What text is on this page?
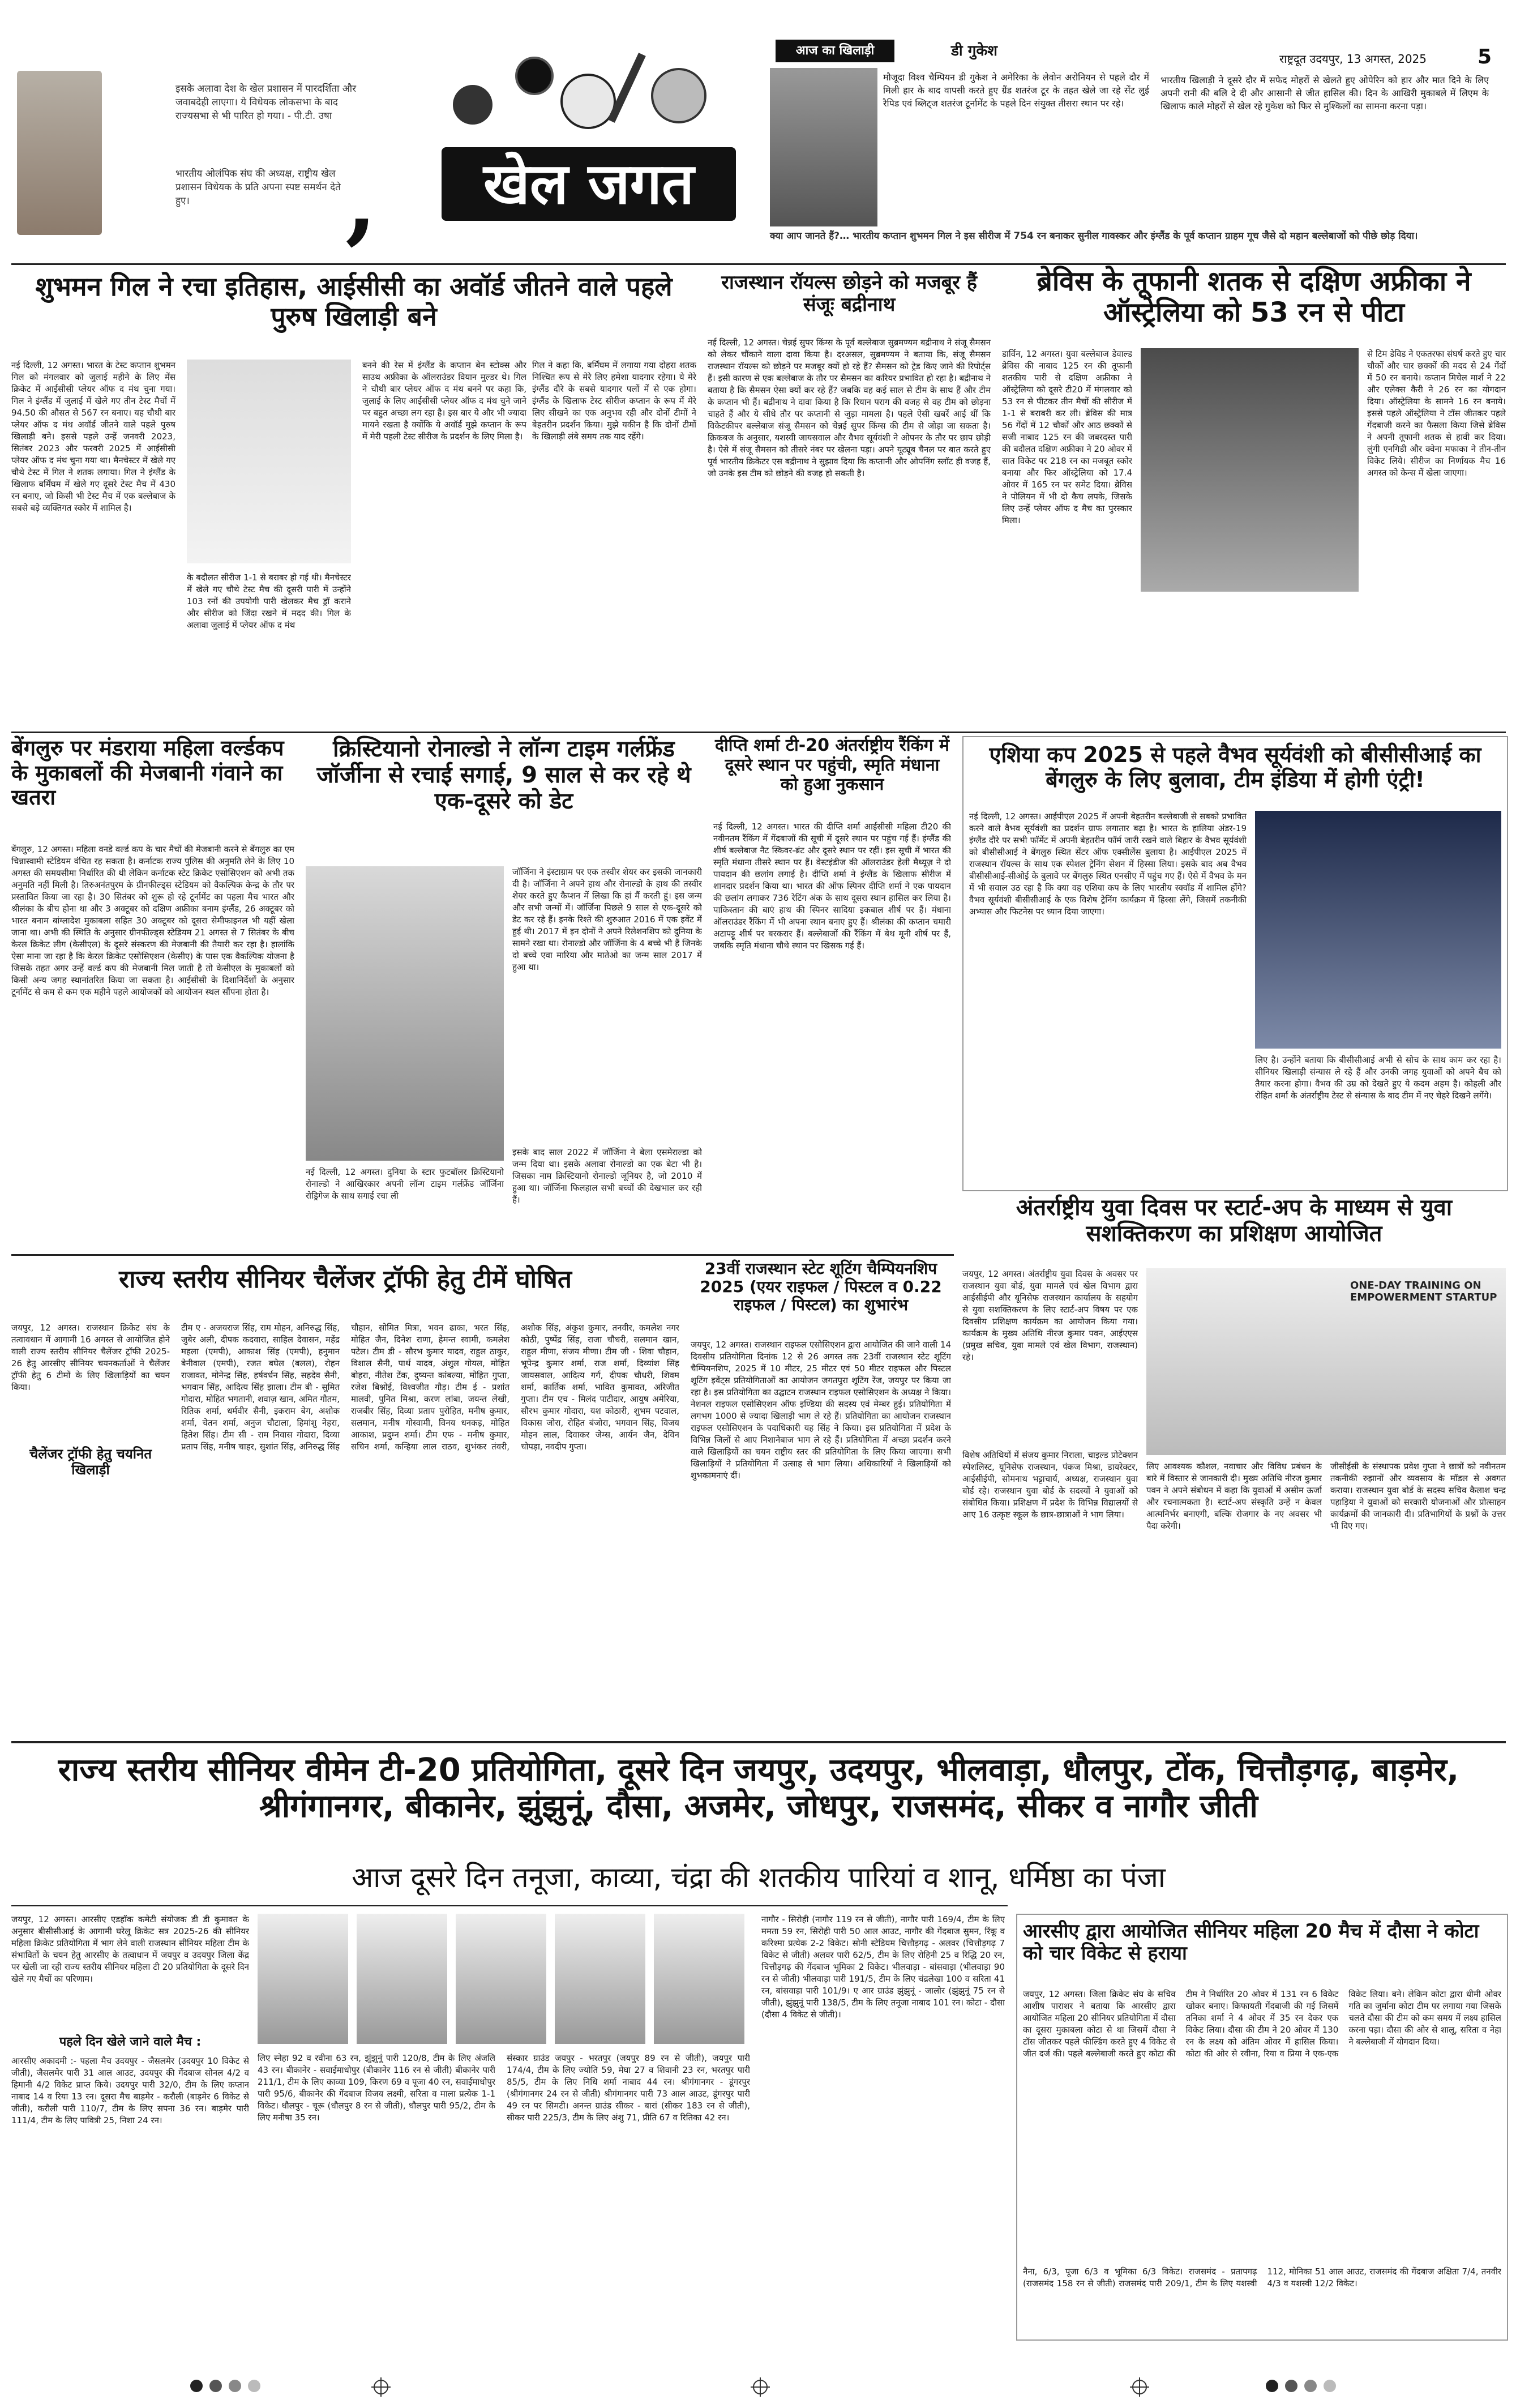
इसके अलावा देश के खेल प्रशासन में पारदर्शिता और जवाबदेही लाएगा। ये विधेयक लोकसभा के बाद राज्यसभा से भी पारित हो गया। - पी.टी. उषा
भारतीय ओलंपिक संघ की अध्यक्ष, राष्ट्रीय खेल प्रशासन विधेयक के प्रति अपना स्पष्ट समर्थन देते हुए।	,	खेल जगत
आज का खिलाड़ी	डी गुकेश
मौजूदा विश्व चैम्पियन डी गुकेश ने अमेरिका के लेवोन अरोनियन से पहले दौर में मिली हार के बाद वापसी करते हुए ग्रैंड शतरंज टूर के तहत खेले जा रहे सेंट लुई रैपिड एवं ब्लिट्ज शतरंज टूर्नामेंट के पहले दिन संयुक्त तीसरा स्थान पर रहे।
भारतीय खिलाड़ी ने दूसरे दौर में सफेद मोहरों से खेलते हुए ओपेरिन को हार और मात दिने के लिए अपनी रानी की बलि दे दी और आसानी से जीत हासिल की। दिन के आखिरी मुकाबले में लिएम के खिलाफ काले मोहरों से खेल रहे गुकेश को फिर से मुश्किलों का सामना करना पड़ा।
राष्ट्रदूत उदयपुर, 13 अगस्त, 2025	5
क्या आप जानते हैं?… भारतीय कप्तान शुभमन गिल ने इस सीरीज में 754 रन बनाकर सुनील गावस्कर और इंग्लैंड के पूर्व कप्तान ग्राहम गूच जैसे दो महान बल्लेबाजों को पीछे छोड़ दिया।
शुभमन गिल ने रचा इतिहास, आईसीसी का अवॉर्ड जीतने वाले पहले पुरुष खिलाड़ी बने
नई दिल्ली, 12 अगस्त। भारत के टेस्ट कप्तान शुभमन गिल को मंगलवार को जुलाई महीने के लिए मेंस क्रिकेट में आईसीसी प्लेयर ऑफ द मंथ चुना गया। गिल ने इंग्लैंड में जुलाई में खेले गए तीन टेस्ट मैचों में 94.50 की औसत से 567 रन बनाए। यह चौथी बार प्लेयर ऑफ द मंथ अवॉर्ड जीतने वाले पहले पुरुष खिलाड़ी बने। इससे पहले उन्हें जनवरी 2023, सितंबर 2023 और फरवरी 2025 में आईसीसी प्लेयर ऑफ द मंथ चुना गया था। मैनचेस्टर में खेले गए चौथे टेस्ट में गिल ने शतक लगाया। गिल ने इंग्लैंड के खिलाफ बर्मिंघम में खेले गए दूसरे टेस्ट मैच में 430 रन बनाए, जो किसी भी टेस्ट मैच में एक बल्लेबाज के सबसे बड़े व्यक्तिगत स्कोर में शामिल है।
के बदौलत सीरीज 1-1 से बराबर हो गई थी। मैनचेस्टर में खेले गए चौथे टेस्ट मैच की दूसरी पारी में उन्होंने 103 रनों की उपयोगी पारी खेलकर मैच ड्रॉ कराने और सीरीज को जिंदा रखने में मदद की। गिल के अलावा जुलाई में प्लेयर ऑफ द मंथ
बनने की रेस में इंग्लैंड के कप्तान बेन स्टोक्स और साउथ अफ्रीका के ऑलराउंडर वियान मुल्डर थे। गिल ने चौथी बार प्लेयर ऑफ द मंथ बनने पर कहा कि, जुलाई के लिए आईसीसी प्लेयर ऑफ द मंथ चुने जाने पर बहुत अच्छा लग रहा है। इस बार ये और भी ज्यादा मायने रखता है क्योंकि ये अवॉर्ड मुझे कप्तान के रूप में मेरी पहली टेस्ट सीरीज के प्रदर्शन के लिए मिला है।
गिल ने कहा कि, बर्मिंघम में लगाया गया दोहरा शतक निश्चित रूप से मेरे लिए हमेशा यादगार रहेगा। ये मेरे इंग्लैंड दौरे के सबसे यादगार पलों में से एक होगा। इंग्लैंड के खिलाफ टेस्ट सीरीज कप्तान के रूप में मेरे लिए सीखने का एक अनुभव रही और दोनों टीमों ने बेहतरीन प्रदर्शन किया। मुझे यकीन है कि दोनों टीमों के खिलाड़ी लंबे समय तक याद रहेंगे।
राजस्थान रॉयल्स छोड़ने को मजबूर हैं संजूः बद्रीनाथ
नई दिल्ली, 12 अगस्त। चेन्नई सुपर किंग्स के पूर्व बल्लेबाज सुब्रमण्यम बद्रीनाथ ने संजू सैमसन को लेकर चौंकाने वाला दावा किया है। दरअसल, सुब्रमण्यम ने बताया कि, संजू सैमसन राजस्थान रॉयल्स को छोड़ने पर मजबूर क्यों हो रहे हैं? सैमसन को ट्रेड किए जाने की रिपोर्ट्स हैं। इसी कारण से एक बल्लेबाज के तौर पर सैमसन का करियर प्रभावित हो रहा है। बद्रीनाथ ने बताया है कि सैमसन ऐसा क्यों कर रहे हैं? जबकि वह कई साल से टीम के साथ हैं और टीम के कप्तान भी हैं। बद्रीनाथ ने दावा किया है कि रियान पराग की वजह से वह टीम को छोड़ना चाहते हैं और ये सीधे तौर पर कप्तानी से जुड़ा मामला है। पहले ऐसी खबरें आई थीं कि विकेटकीपर बल्लेबाज संजू सैमसन को चेन्नई सुपर किंग्स की टीम से जोड़ा जा सकता है। क्रिकबज के अनुसार, यशस्वी जायसवाल और वैभव सूर्यवंशी ने ओपनर के तौर पर छाप छोड़ी है। ऐसे में संजू सैमसन को तीसरे नंबर पर खेलना पड़ा। अपने यूट्यूब चैनल पर बात करते हुए पूर्व भारतीय क्रिकेटर एस बद्रीनाथ ने सुझाव दिया कि कप्तानी और ओपनिंग स्लॉट ही वजह हैं, जो उनके इस टीम को छोड़ने की वजह हो सकती है।
ब्रेविस के तूफानी शतक से दक्षिण अफ्रीका ने ऑस्ट्रेलिया को 53 रन से पीटा
डार्विन, 12 अगस्त। युवा बल्लेबाज डेवाल्ड ब्रेविस की नाबाद 125 रन की तूफानी शतकीय पारी से दक्षिण अफ्रीका ने ऑस्ट्रेलिया को दूसरे टी20 में मंगलवार को 53 रन से पीटकर तीन मैचों की सीरीज में 1-1 से बराबरी कर ली। ब्रेविस की मात्र 56 गेंदों में 12 चौकों और आठ छक्कों से सजी नाबाद 125 रन की जबरदस्त पारी की बदौलत दक्षिण अफ्रीका ने 20 ओवर में सात विकेट पर 218 रन का मजबूत स्कोर बनाया और फिर ऑस्ट्रेलिया को 17.4 ओवर में 165 रन पर समेट दिया। ब्रेविस ने पोलियन में भी दो कैच लपके, जिसके लिए उन्हें प्लेयर ऑफ द मैच का पुरस्कार मिला।
से टिम डेविड ने एकतरफा संघर्ष करते हुए चार चौकों और चार छक्कों की मदद से 24 गेंदों में 50 रन बनाये। कप्तान मिचेल मार्श ने 22 और एलेक्स कैरी ने 26 रन का योगदान दिया। ऑस्ट्रेलिया के सामने 16 रन बनाये। इससे पहले ऑस्ट्रेलिया ने टॉस जीतकर पहले गेंदबाजी करने का फैसला किया जिसे ब्रेविस ने अपनी तूफानी शतक से हावी कर दिया। लुंगी एनगिडी और क्वेना मफाका ने तीन-तीन विकेट लिये। सीरीज का निर्णायक मैच 16 अगस्त को केन्स में खेला जाएगा।
बेंगलुरु पर मंडराया महिला वर्ल्डकप के मुकाबलों की मेजबानी गंवाने का खतरा
बेंगलुरु, 12 अगस्त। महिला वनडे वर्ल्ड कप के चार मैचों की मेजबानी करने से बेंगलुरु का एम चिन्नास्वामी स्टेडियम वंचित रह सकता है। कर्नाटक राज्य पुलिस की अनुमति लेने के लिए 10 अगस्त की समयसीमा निर्धारित की थी लेकिन कर्नाटक स्टेट क्रिकेट एसोसिएशन को अभी तक अनुमति नहीं मिली है। तिरुअनंतपुरम के ग्रीनफील्ड्स स्टेडियम को वैकल्पिक केन्द्र के तौर पर प्रस्तावित किया जा रहा है। 30 सितंबर को शुरू हो रहे टूर्नामेंट का पहला मैच भारत और श्रीलंका के बीच होना था और 3 अक्टूबर को दक्षिण अफ्रीका बनाम इंग्लैंड, 26 अक्टूबर को भारत बनाम बांग्लादेश मुकाबला सहित 30 अक्टूबर को दूसरा सेमीफाइनल भी यहीं खेला जाना था। अभी की स्थिति के अनुसार ग्रीनफील्ड्स स्टेडियम 21 अगस्त से 7 सितंबर के बीच केरल क्रिकेट लीग (केसीएल) के दूसरे संस्करण की मेजबानी की तैयारी कर रहा है। हालांकि ऐसा माना जा रहा है कि केरल क्रिकेट एसोसिएशन (केसीए) के पास एक वैकल्पिक योजना है जिसके तहत अगर उन्हें वर्ल्ड कप की मेजबानी मिल जाती है तो केसीएल के मुकाबलों को किसी अन्य जगह स्थानांतरित किया जा सकता है। आईसीसी के दिशानिर्देशों के अनुसार टूर्नामेंट से कम से कम एक महीने पहले आयोजकों को आयोजन स्थल सौंपना होता है।
क्रिस्टियानो रोनाल्डो ने लॉन्ग टाइम गर्लफ्रेंड जॉर्जीना से रचाई सगाई, 9 साल से कर रहे थे एक-दूसरे को डेट
नई दिल्ली, 12 अगस्त। दुनिया के स्टार फुटबॉलर क्रिस्टियानो रोनाल्डो ने आखिरकार अपनी लॉन्ग टाइम गर्लफ्रेंड जॉर्जिना रोड्रिगेज के साथ सगाई रचा ली
जॉर्जिना ने इंस्टाग्राम पर एक तस्वीर शेयर कर इसकी जानकारी दी है। जॉर्जिना ने अपने हाथ और रोनाल्डो के हाथ की तस्वीर शेयर करते हुए कैप्शन में लिखा कि हां मैं करती हूं। इस जन्म और सभी जन्मों में। जॉर्जिना पिछले 9 साल से एक-दूसरे को डेट कर रहे हैं। इनके रिश्ते की शुरुआत 2016 में एक इवेंट में हुई थी। 2017 में इन दोनों ने अपने रिलेशनशिप को दुनिया के सामने रखा था। रोनाल्डो और जॉर्जिना के 4 बच्चे भी हैं जिनके दो बच्चे एवा मारिया और मातेओ का जन्म साल 2017 में हुआ था।
इसके बाद साल 2022 में जॉर्जिना ने बेला एसमेराल्डा को जन्म दिया था। इसके अलावा रोनाल्डो का एक बेटा भी है। जिसका नाम क्रिस्टियानो रोनाल्डो जूनियर है, जो 2010 में हुआ था। जॉर्जिना फिलहाल सभी बच्चों की देखभाल कर रही हैं।
दीप्ति शर्मा टी-20 अंतर्राष्ट्रीय रैंकिंग में दूसरे स्थान पर पहुंची, स्मृति मंधाना को हुआ नुकसान
नई दिल्ली, 12 अगस्त। भारत की दीप्ति शर्मा आईसीसी महिला टी20 की नवीनतम रैंकिंग में गेंदबाजों की सूची में दूसरे स्थान पर पहुंच गई हैं। इंग्लैंड की शीर्ष बल्लेबाज नैट स्किवर-ब्रंट और दूसरे स्थान पर रहीं। इस सूची में भारत की स्मृति मंधाना तीसरे स्थान पर हैं। वेस्टइंडीज की ऑलराउंडर हेली मैथ्यूज़ ने दो पायदान की छलांग लगाई है। दीप्ति शर्मा ने इंग्लैंड के खिलाफ सीरीज में शानदार प्रदर्शन किया था। भारत की ऑफ स्पिनर दीप्ति शर्मा ने एक पायदान की छलांग लगाकर 736 रेटिंग अंक के साथ दूसरा स्थान हासिल कर लिया है। पाकिस्तान की बाएं हाथ की स्पिनर सादिया इकबाल शीर्ष पर हैं। मंधाना ऑलराउंडर रैंकिंग में भी अपना स्थान बनाए हुए हैं। श्रीलंका की कप्तान चमारी अटापट्टू शीर्ष पर बरकरार हैं। बल्लेबाजों की रैंकिंग में बेथ मूनी शीर्ष पर हैं, जबकि स्मृति मंधाना चौथे स्थान पर खिसक गई हैं।
एशिया कप 2025 से पहले वैभव सूर्यवंशी को बीसीसीआई का बेंगलुरु के लिए बुलावा, टीम इंडिया में होगी एंट्री!
नई दिल्ली, 12 अगस्त। आईपीएल 2025 में अपनी बेहतरीन बल्लेबाजी से सबको प्रभावित करने वाले वैभव सूर्यवंशी का प्रदर्शन ग्राफ लगातार बढ़ा है। भारत के हालिया अंडर-19 इंग्लैंड दौरे पर सभी फॉर्मेट में अपनी बेहतरीन फॉर्म जारी रखने वाले बिहार के वैभव सूर्यवंशी को बीसीसीआई ने बेंगलुरु स्थित सेंटर ऑफ एक्सीलेंस बुलाया है। आईपीएल 2025 में राजस्थान रॉयल्स के साथ एक स्पेशल ट्रेनिंग सेशन में हिस्सा लिया। इसके बाद अब वैभव बीसीसीआई-सीओई के बुलावे पर बेंगलुरु स्थित एनसीए में पहुंच गए हैं। ऐसे में वैभव के मन में भी सवाल उठ रहा है कि क्या वह एशिया कप के लिए भारतीय स्क्वॉड में शामिल होंगे? वैभव सूर्यवंशी बीसीसीआई के एक विशेष ट्रेनिंग कार्यक्रम में हिस्सा लेंगे, जिसमें तकनीकी अभ्यास और फिटनेस पर ध्यान दिया जाएगा।
लिए है। उन्होंने बताया कि बीसीसीआई अभी से सोच के साथ काम कर रहा है। सीनियर खिलाड़ी संन्यास ले रहे हैं और उनकी जगह युवाओं को अपने बैच को तैयार करना होगा। वैभव की उम्र को देखते हुए ये कदम अहम है। कोहली और रोहित शर्मा के अंतर्राष्ट्रीय टेस्ट से संन्यास के बाद टीम में नए चेहरे दिखने लगेंगे।
अंतर्राष्ट्रीय युवा दिवस पर स्टार्ट-अप के माध्यम से युवा सशक्तिकरण का प्रशिक्षण आयोजित
जयपुर, 12 अगस्त। अंतर्राष्ट्रीय युवा दिवस के अवसर पर राजस्थान युवा बोर्ड, युवा मामले एवं खेल विभाग द्वारा आईसीईपी और यूनिसेफ राजस्थान कार्यालय के सहयोग से युवा सशक्तिकरण के लिए स्टार्ट-अप विषय पर एक दिवसीय प्रशिक्षण कार्यक्रम का आयोजन किया गया। कार्यक्रम के मुख्य अतिथि नीरज कुमार पवन, आईएएस (प्रमुख सचिव, युवा मामले एवं खेल विभाग, राजस्थान) रहे।
ONE-DAY TRAINING ON EMPOWERMENT STARTUP
विशेष अतिथियों में संजय कुमार निराला, चाइल्ड प्रोटेक्शन स्पेशलिस्ट, यूनिसेफ राजस्थान, पंकज मिश्रा, डायरेक्टर, आईसीईपी, सोमनाथ भट्टाचार्य, अध्यक्ष, राजस्थान युवा बोर्ड रहे। राजस्थान युवा बोर्ड के सदस्यों ने युवाओं को संबोधित किया। प्रशिक्षण में प्रदेश के विभिन्न विद्यालयों से आए 16 उत्कृष्ट स्कूल के छात्र-छात्राओं ने भाग लिया।
लिए आवश्यक कौशल, नवाचार और विविध प्रबंधन के बारे में विस्तार से जानकारी दी। मुख्य अतिथि नीरज कुमार पवन ने अपने संबोधन में कहा कि युवाओं में असीम ऊर्जा और रचनात्मकता है। स्टार्ट-अप संस्कृति उन्हें न केवल आत्मनिर्भर बनाएगी, बल्कि रोजगार के नए अवसर भी पैदा करेगी।
जीसीईसी के संस्थापक प्रवेश गुप्ता ने छात्रों को नवीनतम तकनीकी रुझानों और व्यवसाय के मॉडल से अवगत कराया। राजस्थान युवा बोर्ड के सदस्य सचिव कैलाश चन्द्र पहाड़िया ने युवाओं को सरकारी योजनाओं और प्रोत्साहन कार्यक्रमों की जानकारी दी। प्रतिभागियों के प्रश्नों के उत्तर भी दिए गए।
राज्य स्तरीय सीनियर चैलेंजर ट्रॉफी हेतु टीमें घोषित
जयपुर, 12 अगस्त। राजस्थान क्रिकेट संघ के तत्वावधान में आगामी 16 अगस्त से आयोजित होने वाली राज्य स्तरीय सीनियर चैलेंजर ट्रॉफी 2025-26 हेतु आरसीए सीनियर चयनकर्ताओं ने चैलेंजर ट्रॉफी हेतु 6 टीमों के लिए खिलाड़ियों का चयन किया।
चैलेंजर ट्रॉफी हेतु चयनित खिलाड़ी
टीम ए - अजयराज सिंह, राम मोहन, अनिरुद्ध सिंह, जुबेर अली, दीपक कदवारा, साहिल देवासन, महेंद्र महला (एमपी), आकाश सिंह (एमपी), हनुमान बेनीवाल (एमपी), रजत बघेल (बलल), रोहन राजावत, मोनेन्द्र सिंह, हर्षवर्धन सिंह, सहदेव सैनी, भगवान सिंह, आदित्य सिंह झाला। टीम बी - सुमित गोदारा, मोहित भगतानी, शवाज़ खान, अमित गौतम, रितिक शर्मा, धर्मवीर सैनी, इकराम बेग, अशोक शर्मा, चेतन शर्मा, अनुज चौटाला, हिमांशु नेहरा, हितेश सिंह। टीम सी - राम निवास गोदारा, दिव्या प्रताप सिंह, मनीष चाहर, सुशांत सिंह, अनिरुद्ध सिंह चौहान, सोमित मित्रा, भवन ढाका, भरत सिंह, मोहित जैन, दिनेश राणा, हेमन्त स्वामी, कमलेश पटेल। टीम डी - सौरभ कुमार यादव, राहुल ठाकुर, विशाल सैनी, पार्थ यादव, अंशुल गोयल, मोहित बोहरा, नीतेश टेंक, दुष्यन्त कांबल्या, मोहित गुप्ता, रजेश बिश्नोई, विश्वजीत गौड़। टीम ई - प्रशांत मालवी, पुनित मिश्रा, करण लांबा, जयन्त लेखी, राजबीर सिंह, दिव्या प्रताप पुरोहित, मनीष कुमार, सलमान, मनीष गोस्वामी, विनय धनकड़, मोहित आकाश, प्रदुम्न शर्मा। टीम एफ - मनीष कुमार, सचिन शर्मा, कन्हिया लाल राठव, शुभंकर तंवरी, अशोक सिंह, अंकुश कुमार, तनवीर, कमलेश नगर कोठी, पुष्पेंद्र सिंह, राजा चौधरी, सलमान खान, राहुल मीणा, संजय मीणा। टीम जी - शिवा चौहान, भूपेन्द्र कुमार शर्मा, राज शर्मा, दिव्यांश सिंह जायसवाल, आदित्य गर्ग, दीपक चौधरी, शिवम शर्मा, कार्तिक शर्मा, भावित कुमावत, अरिजीत गुप्ता। टीम एच - मिलंद पाटीदार, आयुष अमेरिया, सौरभ कुमार गोदारा, यश कोठारी, शुभम पटवाल, विकास जोरा, रोहित बंजोरा, भगवान सिंह, विजय मोहन लाल, दिवाकर जेम्स, आर्यन जैन, देविन चोपड़ा, नवदीप गुप्ता।
23वीं राजस्थान स्टेट शूटिंग चैम्पियनशिप 2025 (एयर राइफल / पिस्टल व 0.22 राइफल / पिस्टल) का शुभारंभ
जयपुर, 12 अगस्त। राजस्थान राइफल एसोसिएशन द्वारा आयोजित की जाने वाली 14 दिवसीय प्रतियोगिता दिनांक 12 से 26 अगस्त तक 23वीं राजस्थान स्टेट शूटिंग चैम्पियनशिप, 2025 में 10 मीटर, 25 मीटर एवं 50 मीटर राइफल और पिस्टल शूटिंग इवेंट्स प्रतियोगिताओं का आयोजन जगतपुरा शूटिंग रेंज, जयपुर पर किया जा रहा है। इस प्रतियोगिता का उद्घाटन राजस्थान राइफल एसोसिएशन के अध्यक्ष ने किया। नेशनल राइफल एसोसिएशन ऑफ इण्डिया की सदस्य एवं मेम्बर हुई। प्रतियोगिता में लगभग 1000 से ज्यादा खिलाड़ी भाग ले रहे हैं। प्रतियोगिता का आयोजन राजस्थान राइफल एसोसिएशन के पदाधिकारी यह सिंह ने किया। इस प्रतियोगिता में प्रदेश के विभिन्न जिलों से आए निशानेबाज भाग ले रहे हैं। प्रतियोगिता में अच्छा प्रदर्शन करने वाले खिलाड़ियों का चयन राष्ट्रीय स्तर की प्रतियोगिता के लिए किया जाएगा। सभी खिलाड़ियों ने प्रतियोगिता में उत्साह से भाग लिया। अधिकारियों ने खिलाड़ियों को शुभकामनाएं दीं।
राज्य स्तरीय सीनियर वीमेन टी-20 प्रतियोगिता, दूसरे दिन जयपुर, उदयपुर, भीलवाड़ा, धौलपुर, टोंक, चित्तौड़गढ़, बाड़मेर, श्रीगंगानगर, बीकानेर, झुंझुनूं, दौसा, अजमेर, जोधपुर, राजसमंद, सीकर व नागौर जीती
आज दूसरे दिन तनूजा, काव्या, चंद्रा की शतकीय पारियां व शानू, धर्मिष्ठा का पंजा
जयपुर, 12 अगस्त। आरसीए एडहॉक कमेटी संयोजक डी डी कुमावत के अनुसार बीसीसीआई के आगामी घरेलू क्रिकेट सत्र 2025-26 की सीनियर महिला क्रिकेट प्रतियोगिता में भाग लेने वाली राजस्थान सीनियर महिला टीम के संभावितों के चयन हेतु आरसीए के तत्वाधान में जयपुर व उदयपुर जिला केंद्र पर खेली जा रही राज्य स्तरीय सीनियर महिला टी 20 प्रतियोगिता के दूसरे दिन खेले गए मैचों का परिणाम।
पहले दिन खेले जाने वाले मैच :
आरसीए अकादमी :- पहला मैच उदयपुर - जैसलमेर (उदयपुर 10 विकेट से जीती), जैसलमेर पारी 31 आल आउट, उदयपुर की गेंदबाज सोनल 4/2 व हिमानी 4/2 विकेट प्राप्त किये। उदयपुर पारी 32/0, टीम के लिए कप्तान नाबाद 14 व रिया 13 रन। दूसरा मैच बाड़मेर - करौली (बाड़मेर 6 विकेट से जीती), करौली पारी 110/7, टीम के लिए सपना 36 रन। बाड़मेर पारी 111/4, टीम के लिए पावित्री 25, निशा 24 रन।
लिए स्नेहा 92 व रवीना 63 रन, झुंझुनूं पारी 120/8, टीम के लिए अंजलि 43 रन। बीकानेर - सवाईमाधोपुर (बीकानेर 116 रन से जीती) बीकानेर पारी 211/1, टीम के लिए काव्या 109, किरण 69 व पूजा 40 रन, सवाईमाधोपुर पारी 95/6, बीकानेर की गेंदबाज विजय लक्ष्मी, सरिता व माला प्रत्येक 1-1 विकेट। धौलपुर - चूरू (धौलपुर 8 रन से जीती), धौलपुर पारी 95/2, टीम के लिए मनीषा 35 रन।
संस्कार ग्राउंड जयपुर - भरतपुर (जयपुर 89 रन से जीती), जयपुर पारी 174/4, टीम के लिए ज्योति 59, मेघा 27 व शिवानी 23 रन, भरतपुर पारी 85/5, टीम के लिए निधि शर्मा नाबाद 44 रन। श्रीगंगानगर - डूंगरपुर (श्रीगंगानगर 24 रन से जीती) श्रीगंगानगर पारी 73 आल आउट, डूंगरपुर पारी 49 रन पर सिमटी। अनन्त ग्राउंड सीकर - बारां (सीकर 183 रन से जीती), सीकर पारी 225/3, टीम के लिए अंशु 71, प्रीति 67 व रितिका 42 रन।
नागौर - सिरोही (नागौर 119 रन से जीती), नागौर पारी 169/4, टीम के लिए ममता 59 रन, सिरोही पारी 50 आल आउट, नागौर की गेंदबाज सुमन, रिंकू व करिश्मा प्रत्येक 2-2 विकेट। सोनी स्टेडियम चित्तौड़गढ़ - अलवर (चित्तौड़गढ़ 7 विकेट से जीती) अलवर पारी 62/5, टीम के लिए रोहिनी 25 व रिद्धि 20 रन, चित्तौड़गढ़ की गेंदबाज भूमिका 2 विकेट। भीलवाड़ा - बांसवाड़ा (भीलवाड़ा 90 रन से जीती) भीलवाड़ा पारी 191/5, टीम के लिए चंद्रलेखा 100 व सरिता 41 रन, बांसवाड़ा पारी 101/9। ए आर ग्राउंड झुंझुनूं - जालोर (झुंझुनूं 75 रन से जीती), झुंझुनूं पारी 138/5, टीम के लिए तनूजा नाबाद 101 रन। कोटा - दौसा (दौसा 4 विकेट से जीती)।
आरसीए द्वारा आयोजित सीनियर महिला 20 मैच में दौसा ने कोटा को चार विकेट से हराया
जयपुर, 12 अगस्त। जिला क्रिकेट संघ के सचिव आशीष पाराशर ने बताया कि आरसीए द्वारा आयोजित महिला 20 सीनियर प्रतियोगिता में दौसा का दूसरा मुकाबला कोटा से था जिसमें दौसा ने टॉस जीतकर पहले फील्डिंग करते हुए 4 विकेट से जीत दर्ज की। पहले बल्लेबाजी करते हुए कोटा की टीम ने निर्धारित 20 ओवर में 131 रन 6 विकेट खोकर बनाए। किफायती गेंदबाजी की गई जिसमें तनिका शर्मा ने 4 ओवर में 35 रन देकर एक विकेट लिया। दौसा की टीम ने 20 ओवर में 130 रन के लक्ष्य को अंतिम ओवर में हासिल किया। कोटा की ओर से रवीना, रिया व प्रिया ने एक-एक विकेट लिया। बने। लेकिन कोटा द्वारा धीमी ओवर गति का जुर्माना कोटा टीम पर लगाया गया जिसके चलते दौसा की टीम को कम समय में लक्ष्य हासिल करना पड़ा। दौसा की ओर से शालू, सरिता व नेहा ने बल्लेबाजी में योगदान दिया।
नैना, 6/3, पूजा 6/3 व भूमिका 6/3 विकेट। राजसमंद - प्रतापगढ़ (राजसमंद 158 रन से जीती) राजसमंद पारी 209/1, टीम के लिए यशस्वी 112, मोनिका 51 आल आउट, राजसमंद की गेंदबाज अक्षिता 7/4, तनवीर 4/3 व यशस्वी 12/2 विकेट।
